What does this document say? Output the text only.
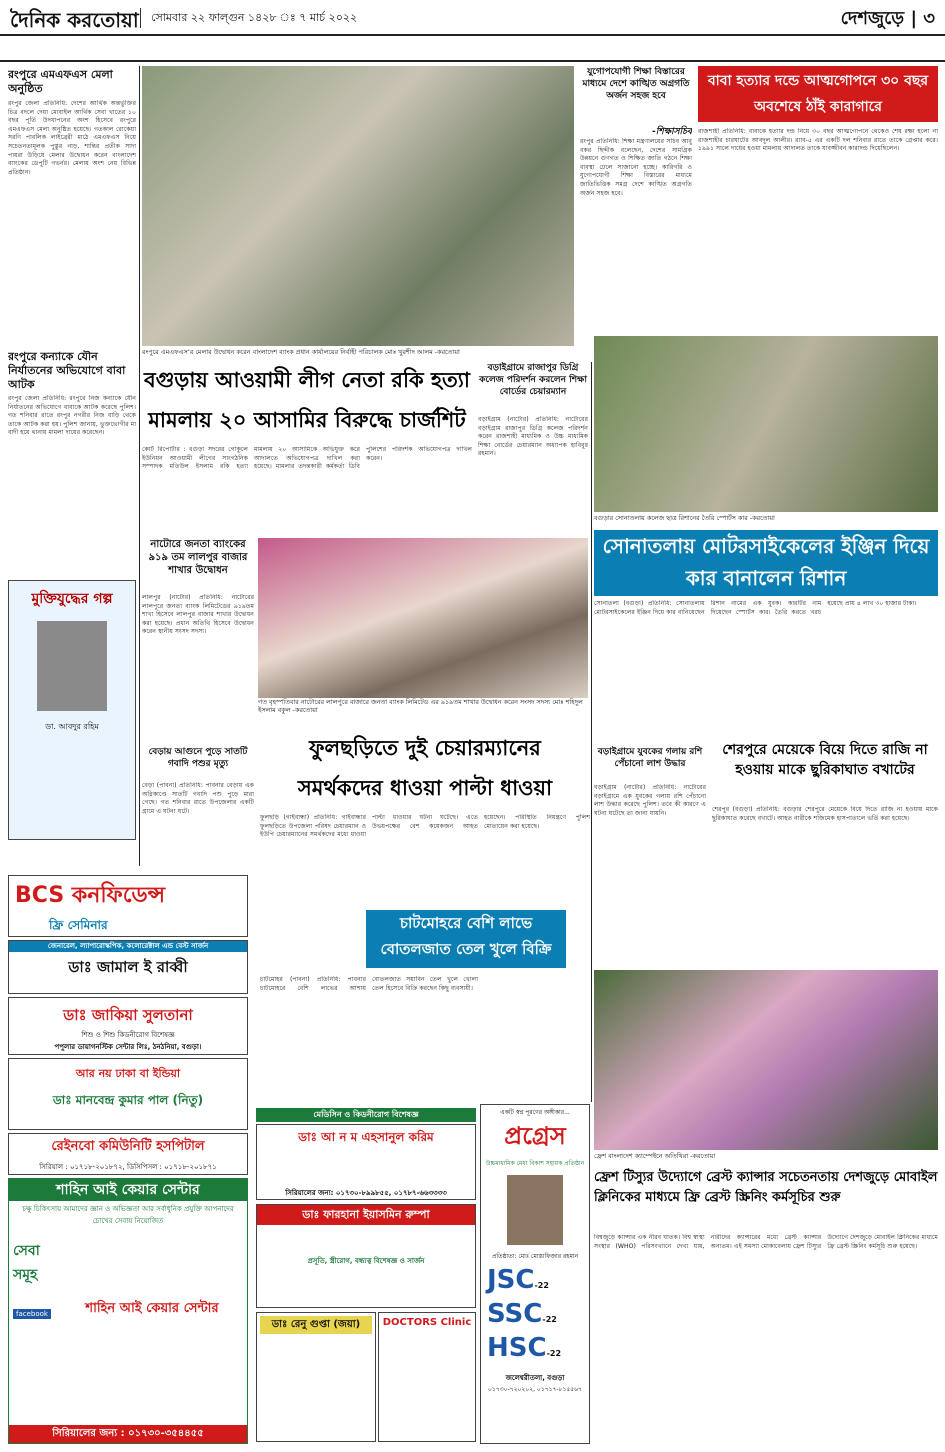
দৈনিক করতোয়া	সোমবার ২২ ফাল্গুন ১৪২৮ ঃ ৭ মার্চ ২০২২	দেশজুড়ে | ৩
রংপুরে এমএফএস মেলা অনুষ্ঠিত
রংপুর জেলা প্রতিনিধি: দেশের আর্থিক অন্তর্ভুক্তির চিত্র বদলে দেয়া মোবাইল আর্থিক সেবা খাতের ১০ বছর পূর্তি উদযাপনের অংশ হিসেবে রংপুরে এমএফএস মেলা অনুষ্ঠিত হয়েছে। গতকাল রোকেয়া সরণি পাবলিক লাইব্রেরী মাঠে এমএফএস নিয়ে সচেতনতামূলক পুস্তুর নাড়, শান্তির প্রতীক সাদা পায়রা উড়িয়ে মেলার উদ্বোধন করেন বাংলাদেশ ব্যাংকের ডেপুটি গভর্নর। মেলায় অংশ নেয় বিভিন্ন প্রতিষ্ঠান।
রংপুরে কন্যাকে যৌন নির্যাতনের অভিযোগে বাবা আটক
রংপুর জেলা প্রতিনিধি: রংপুরে নিজ কন্যাকে যৌন নির্যাতনের অভিযোগে বাবাকে আটক করেছে পুলিশ। গত শনিবার রাতে রংপুর নগরীর নিজ বাড়ি থেকে তাকে আটক করা হয়। পুলিশ জানায়, ভুক্তভোগীর মা বাদী হয়ে থানায় মামলা দায়ের করেছেন।
মুক্তিযুদ্ধের গল্প
ডা. আবদুর রহিম
BCS কনফিডেন্স
ফ্রি সেমিনার
জেনারেল, ল্যাপারোস্কপিক, কলোরেক্টাল এন্ড বেস্ট সার্জন
ডাঃ জামাল ই রাব্বী
ডাঃ জাকিয়া সুলতানা
শিশু ও শিশু কিডনীরোগ বিশেষজ্ঞ
পপুলার ডায়াগনস্টিক সেন্টার লিঃ, ঠনঠনিয়া, বগুড়া।
আর নয় ঢাকা বা ইন্ডিয়া
ডাঃ মানবেন্দ্র কুমার পাল (নিতু)
রেইনবো কমিউনিটি হসপিটাল
সিরিয়াল : ০১৭১৮-২০১৮৭২, ডিসিপিসল : ০১৭১৮-২০১৮৭১
শাহিন আই কেয়ার সেন্টার
চক্ষু চিকিৎসায় আমাদের জ্ঞান ও অভিজ্ঞতা আর সর্বাধুনিক প্রযুক্তি আপনাদের চোখের সেবায় নিয়োজিত
সেবা সমূহ
facebook	শাহিন আই কেয়ার সেন্টার
সিরিয়ালের জন্য : ০১৭৩০-৩৫৪৪৫৫
রংপুরে এমএফএস’র মেলার উদ্বোধন করেন বাংলাদেশ ব্যাংক প্রধান কার্যালয়ের নির্বাহী পরিচালক মোঃ খুরশীদ আলম -করতোয়া
যুগোপযোগী শিক্ষা বিস্তারের মাধ্যমে দেশে কাঙ্খিত অগ্রগতি অর্জন সহজ হবে
-শিক্ষাসচিব
রংপুর প্রতিনিধি: শিক্ষা মন্ত্রণালয়ের সচিব আবু বকর ছিদ্দীক বলেছেন, দেশের সামগ্রিক উন্নয়নে গুণগত ও শিক্ষিত জাতি গঠনে শিক্ষা ব্যবস্থা ঢেলে সাজানো হচ্ছে। কারিগরি ও যুগোপযোগী শিক্ষা বিস্তারের মাধ্যমে জাতিভিত্তিক সমগ্র দেশে কাঙ্খিত অগ্রগতি অর্জন সহজ হবে।
বাবা হত্যার দন্ডে আত্মগোপনে ৩০ বছর অবশেষে ঠাঁই কারাগারে
রাজশাহী প্রতিনিধি: বাবাকে হত্যার দন্ড নিয়ে ৩০ বছর আত্মগোপনে থেকেও শেষ রক্ষা হলো না রাজশাহীর চারঘাটের আবদুল আলীর। র‍্যাব-৫ এর একটি দল শনিবার রাতে তাকে গ্রেপ্তার করে। ১৯৯১ সালে দায়ের হওয়া মামলায় আদালত তাকে যাবজ্জীবন কারাদন্ড দিয়েছিলেন।
বগুড়ায় আওয়ামী লীগ নেতা রকি হত্যা
মামলায় ২০ আসামির বিরুদ্ধে চার্জশিট
কোর্ট রিপোর্টার : বগুড়া সদরের গোকুলে ইউনিয়ন আওয়ামী লীগের সাংগঠনিক সম্পাদক মতিউল ইসলাম রকি হত্যা মামলায় ২০ আসামিকে অভিযুক্ত করে আদালতে অভিযোগপত্র দাখিল করা হয়েছে। মামলার তদন্তকারী কর্মকর্তা ডিবি পুলিশের পরিদর্শক অভিযোগপত্র দাখিল করেন।
বড়াইগ্রামে রাজাপুর ডিগ্রি কলেজ পরিদর্শন করলেন শিক্ষা বোর্ডের চেয়ারম্যান
বড়াইগ্রাম (নাটোর) প্রতিনিধি: নাটোরের বড়াইগ্রাম রাজাপুর ডিগ্রি কলেজ পরিদর্শন করেন রাজশাহী মাধ্যমিক ও উচ্চ মাধ্যমিক শিক্ষা বোর্ডের চেয়ারম্যান অধ্যাপক হাবিবুর রহমান।
নাটোরে জনতা ব্যাংকের ৯১৯ তম লালপুর বাজার শাখার উদ্বোধন
লালপুর (নাটোর) প্রতিনিধি: নাটোরের লালপুরে জনতা ব্যাংক লিমিটেডের ৯১৯তম শাখা হিসেবে লালপুর বাজার শাখার উদ্বোধন করা হয়েছে। প্রধান অতিথি হিসেবে উদ্বোধন করেন স্থানীয় সংসদ সদস্য।
গত বৃহস্পতিবার নাটোরের লালপুরে বাজারে জনতা ব্যাংক লিমিটেড এর ৯১৯তম শাখার উদ্বোধন করেন সংসদ সদস্য মোঃ শহিদুল ইসলাম বকুল -করতোয়া
বগুড়ার সোনাতলায় কলেজ ছাত্র রিশানের তৈরি স্পোর্টস কার -করতোয়া
সোনাতলায় মোটরসাইকেলের ইঞ্জিন দিয়ে কার বানালেন রিশান
সোনাতলা (বগুড়া) প্রতিনিধি: সোনাতলায় মোটরসাইকেলের ইঞ্জিন দিয়ে কার বানিয়েছেন রিশান নামের এক যুবক। কারটির নাম দিয়েছেন স্পোর্টস কার। তৈরি করতে খরচ হয়েছে প্রায় ৪ লাখ ৩০ হাজার টাকা।
বেড়ায় আগুনে পুড়ে সাতটি গবাদি পশুর মৃত্যু
বেড়া (পাবনা) প্রতিনিধি: পাবনার বেড়ায় এক অগ্নিকাণ্ডে সাতটি গবাদি পশু পুড়ে মারা গেছে। গত শনিবার রাতে উপজেলার একটি গ্রামে এ ঘটনা ঘটে।
ফুলছড়িতে দুই চেয়ারম্যানের
সমর্থকদের ধাওয়া পাল্টা ধাওয়া
ফুলছড়ি (গাইবান্ধা) প্রতিনিধি: গাইবান্ধার ফুলছড়িতে উপজেলা পরিষদ চেয়ারম্যান ও ইউপি চেয়ারম্যানের সমর্থকদের মধ্যে ধাওয়া পাল্টা ধাওয়ার ঘটনা ঘটেছে। এতে উভয়পক্ষের বেশ কয়েকজন আহত হয়েছেন। পরিস্থিতি নিয়ন্ত্রণে পুলিশ মোতায়েন করা হয়েছে।
চাটমোহরে বেশি লাভে বোতলজাত তেল খুলে বিক্রি
চাটমোহর (পাবনা) প্রতিনিধি: পাবনার চাটমোহরে বেশি লাভের আশায় বোতলজাত সয়াবিন তেল খুলে খোলা তেল হিসেবে বিক্রি করছেন কিছু ব্যবসায়ী।
বড়াইগ্রামে যুবকের গলায় রশি পেঁচানো লাশ উদ্ধার
বড়াইগ্রাম (নাটোর) প্রতিনিধি: নাটোরের বড়াইগ্রামে এক যুবকের গলায় রশি পেঁচানো লাশ উদ্ধার করেছে পুলিশ। তবে কী কারণে এ ঘটনা ঘটেছে তা জানা যায়নি।
শেরপুরে মেয়েকে বিয়ে দিতে রাজি না হওয়ায় মাকে ছুরিকাঘাত বখাটের
শেরপুর (বগুড়া) প্রতিনিধি: বগুড়ার শেরপুরে মেয়েকে বিয়ে দিতে রাজি না হওয়ায় মাকে ছুরিকাঘাত করেছে বখাটে। আহত নারীকে শজিমেক হাসপাতালে ভর্তি করা হয়েছে।
ফ্রেশ বাংলাদেশ ক্যাম্পেইনে অতিথিরা -করতোয়া
ফ্রেশ টিস্যুর উদ্যোগে ব্রেস্ট ক্যান্সার সচেতনতায় দেশজুড়ে মোবাইল ক্লিনিকের মাধ্যমে ফ্রি ব্রেস্ট স্ক্রিনিং কর্মসূচির শুরু
বিশ্বজুড়ে ক্যান্সার এক নীরব ঘাতক। বিশ্ব স্বাস্থ্য সংস্থার (WHO) পরিসংখ্যানে দেখা যায়, নারীদের ক্যান্সারের মধ্যে ব্রেস্ট ক্যান্সার অন্যতম। এই সমস্যা মোকাবেলায় ফ্রেশ টিস্যুর উদ্যোগে দেশজুড়ে মোবাইল ক্লিনিকের মাধ্যমে ফ্রি ব্রেস্ট স্ক্রিনিং কর্মসূচি শুরু হয়েছে।
মেডিসিন ও কিডনীরোগ বিশেষজ্ঞ
ডাঃ আ ন ম এহসানুল করিম
সিরিয়ালের জন্য: ০১৭৩০-৮৯৯৮৫৫, ০১৭৮৭-৬৬৩৩৩৩
ডাঃ ফারহানা ইয়াসমিন রুম্পা
প্রসূতি, স্ত্রীরোগ, বন্ধ্যত্ব বিশেষজ্ঞ ও সার্জন
ডাঃ রেনু গুপ্তা (জয়া)	DOCTORS Clinic
একটি স্বপ্ন পূরণের অঙ্গীকার...
প্রগ্রেস
উচ্চমাধ্যমিক মেধা বিকাশ সহায়ক প্রতিষ্ঠান
প্রতিষ্ঠাতা: মোঃ মোস্তাফিজার রহমান
JSC-22
SSC-22
HSC-22
জলেশ্বরীতলা, বগুড়া
০১৭৩০-৭২০২০২, ০১৭১৭-৮১৫৫৬৭
